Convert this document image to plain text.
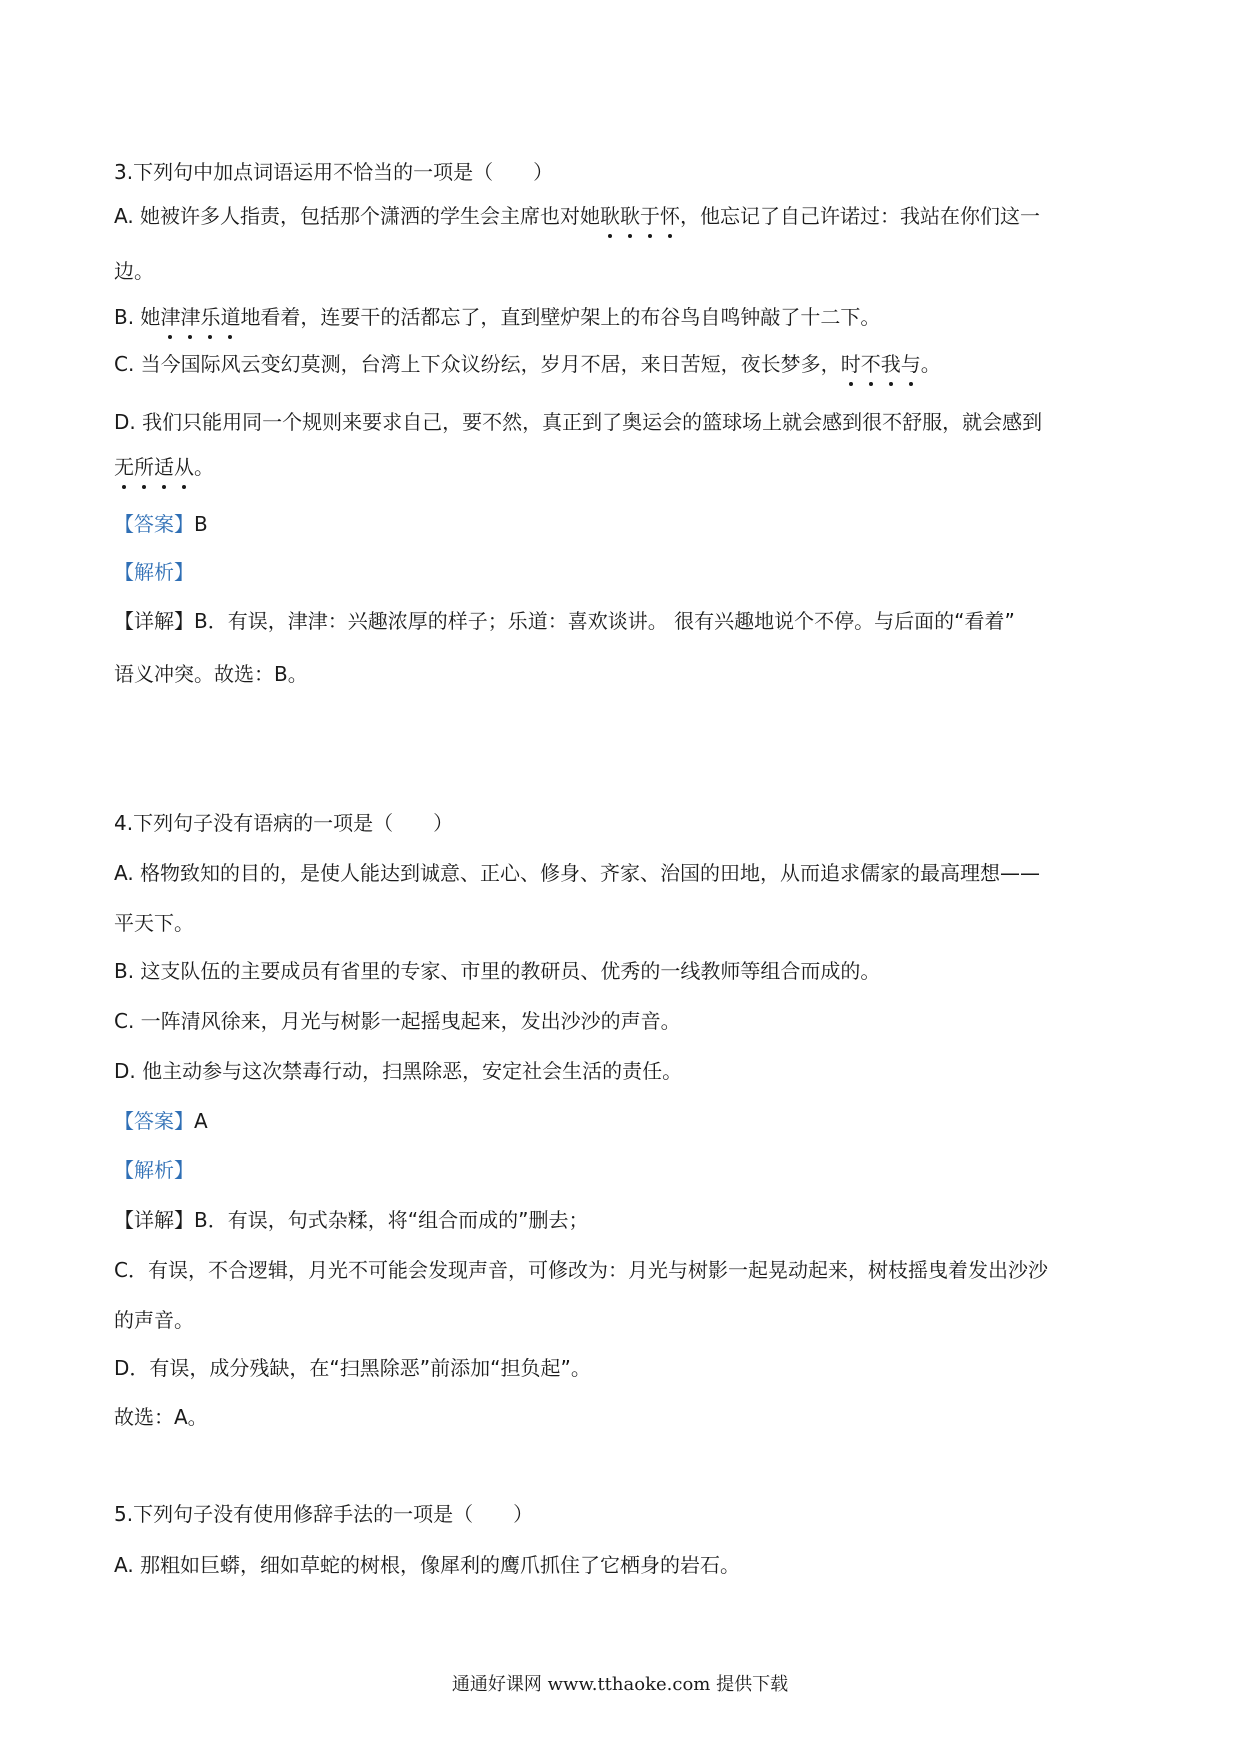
3.下列句中加点词语运用不恰当的一项是（　　）
A. 她被许多人指责，包括那个潇洒的学生会主席也对她耿耿于怀，他忘记了自己许诺过：我站在你们这一
边。
B. 她津津乐道地看着，连要干的活都忘了，直到壁炉架上的布谷鸟自鸣钟敲了十二下。
C. 当今国际风云变幻莫测，台湾上下众议纷纭，岁月不居，来日苦短，夜长梦多，时不我与。
D. 我们只能用同一个规则来要求自己，要不然，真正到了奥运会的篮球场上就会感到很不舒服，就会感到
无所适从。
【答案】B
【解析】
【详解】B．有误，津津：兴趣浓厚的样子；乐道：喜欢谈讲。 很有兴趣地说个不停。与后面的“看着”
语义冲突。故选：B。
4.下列句子没有语病的一项是（　　）
A. 格物致知的目的，是使人能达到诚意、正心、修身、齐家、治国的田地，从而追求儒家的最高理想——
平天下。
B. 这支队伍的主要成员有省里的专家、市里的教研员、优秀的一线教师等组合而成的。
C. 一阵清风徐来，月光与树影一起摇曳起来，发出沙沙的声音。
D. 他主动参与这次禁毒行动，扫黑除恶，安定社会生活的责任。
【答案】A
【解析】
【详解】B．有误，句式杂糅，将“组合而成的”删去；
C．有误，不合逻辑，月光不可能会发现声音，可修改为：月光与树影一起晃动起来，树枝摇曳着发出沙沙
的声音。
D．有误，成分残缺，在“扫黑除恶”前添加“担负起”。
故选：A。
5.下列句子没有使用修辞手法的一项是（　　）
A. 那粗如巨蟒，细如草蛇的树根，像犀利的鹰爪抓住了它栖身的岩石。
通通好课网 www.tthaoke.com 提供下载
